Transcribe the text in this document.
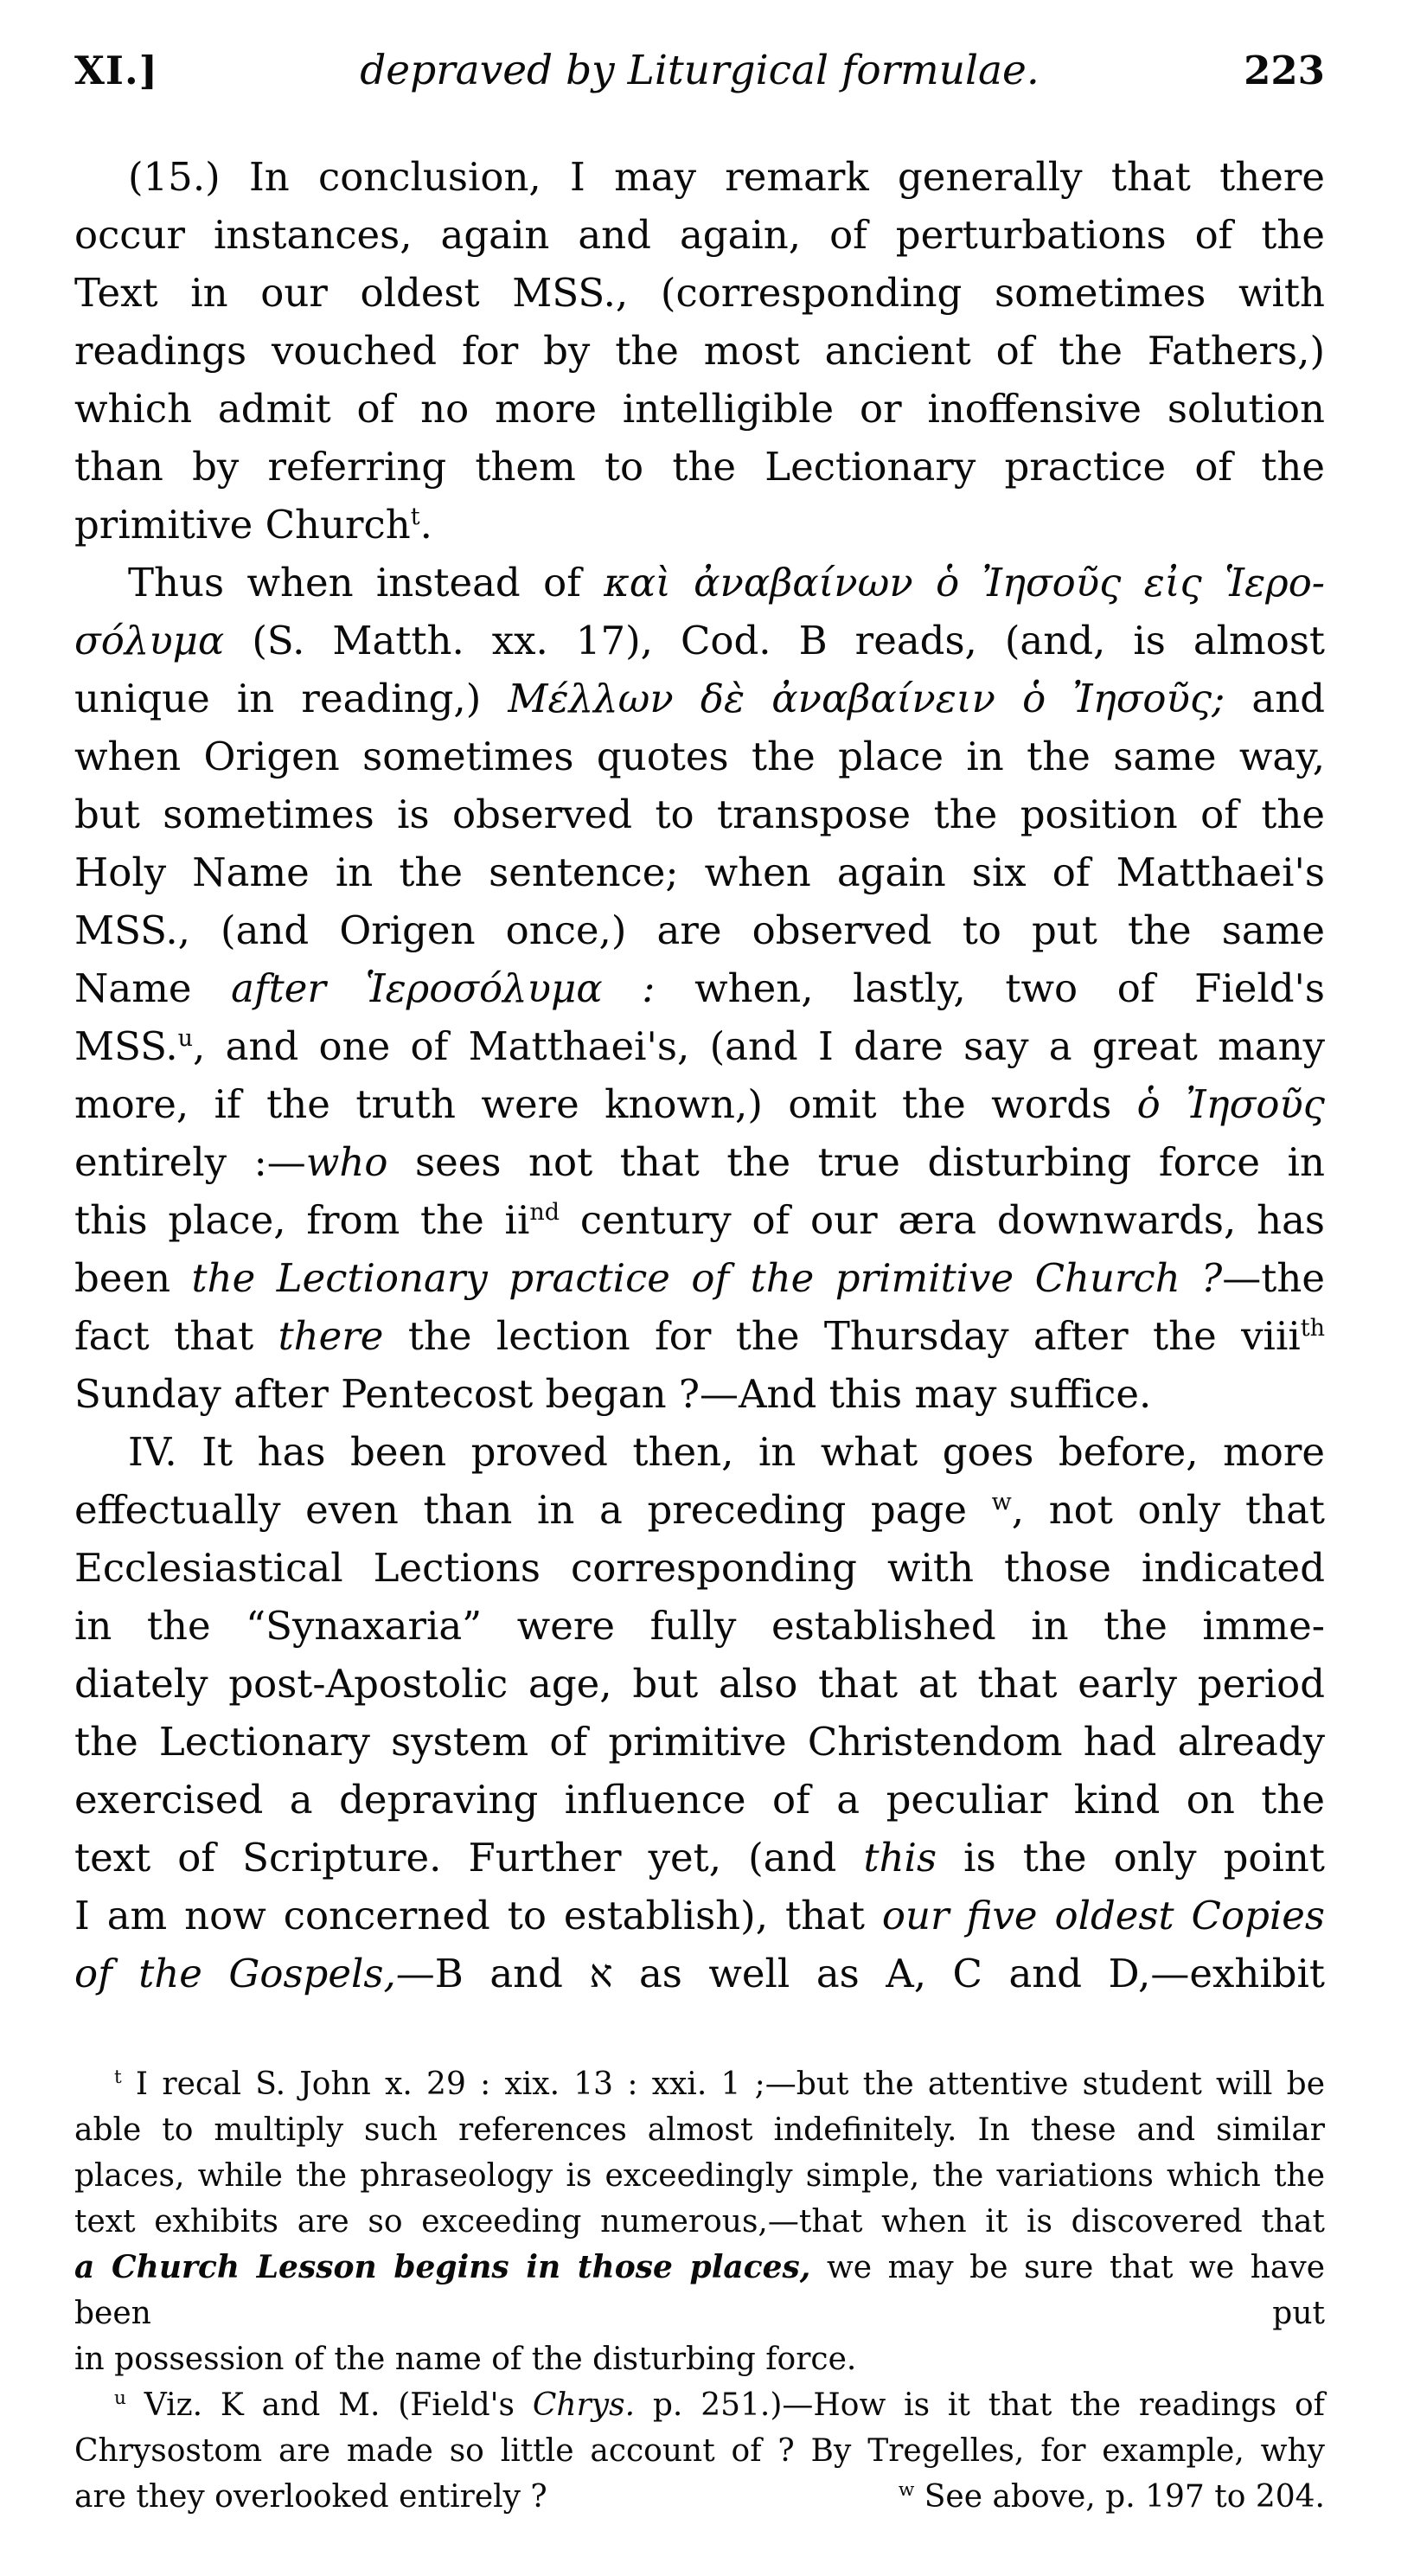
XI.]	depraved by Liturgical formulae.	223
(15.) In conclusion, I may remark generally that there
occur instances, again and again, of perturbations of the
Text in our oldest MSS., (corresponding sometimes with
readings vouched for by the most ancient of the Fathers,)
which admit of no more intelligible or inoffensive solution
than by referring them to the Lectionary practice of the
primitive Church$^t$.
Thus when instead of καὶ ἀναβαίνων ὁ Ἰησοῦς εἰς Ἱερο-
σόλυμα (S. Matth. xx. 17), Cod. B reads, (and, is almost
unique in reading,) Μέλλων δὲ ἀναβαίνειν ὁ Ἰησοῦς; and
when Origen sometimes quotes the place in the same way,
but sometimes is observed to transpose the position of the
Holy Name in the sentence; when again six of Matthaei's
MSS., (and Origen once,) are observed to put the same
Name after Ἱεροσόλυμα : when, lastly, two of Field's
MSS.$^u$, and one of Matthaei's, (and I dare say a great many
more, if the truth were known,) omit the words ὁ Ἰησοῦς
entirely :—who sees not that the true disturbing force in
this place, from the $ii^{nd}$ century of our æra downwards, has
been the Lectionary practice of the primitive Church ?—the
fact that there the lection for the Thursday after the viii$^{th}$
Sunday after Pentecost began ?—And this may suffice.
IV. It has been proved then, in what goes before, more
effectually even than in a preceding page $^w$, not only that
Ecclesiastical Lections corresponding with those indicated
in the “Synaxaria” were fully established in the imme-
diately post-Apostolic age, but also that at that early period
the Lectionary system of primitive Christendom had already
exercised a depraving influence of a peculiar kind on the
text of Scripture. Further yet, (and this is the only point
I am now concerned to establish), that our five oldest Copies
of the Gospels,—B and א as well as A, C and D,—exhibit
$^t$ I recal S. John x. 29 : xix. 13 : xxi. 1 ;—but the attentive student will be
able to multiply such references almost indefinitely. In these and similar
places, while the phraseology is exceedingly simple, the variations which the
text exhibits are so exceeding numerous,—that when it is discovered that
a Church Lesson begins in those places, we may be sure that we have been put
in possession of the name of the disturbing force.
$^u$ Viz. K and M. (Field's Chrys. p. 251.)—How is it that the readings of
Chrysostom are made so little account of ? By Tregelles, for example, why
are they overlooked entirely ?	$^w$ See above, p. 197 to 204.
